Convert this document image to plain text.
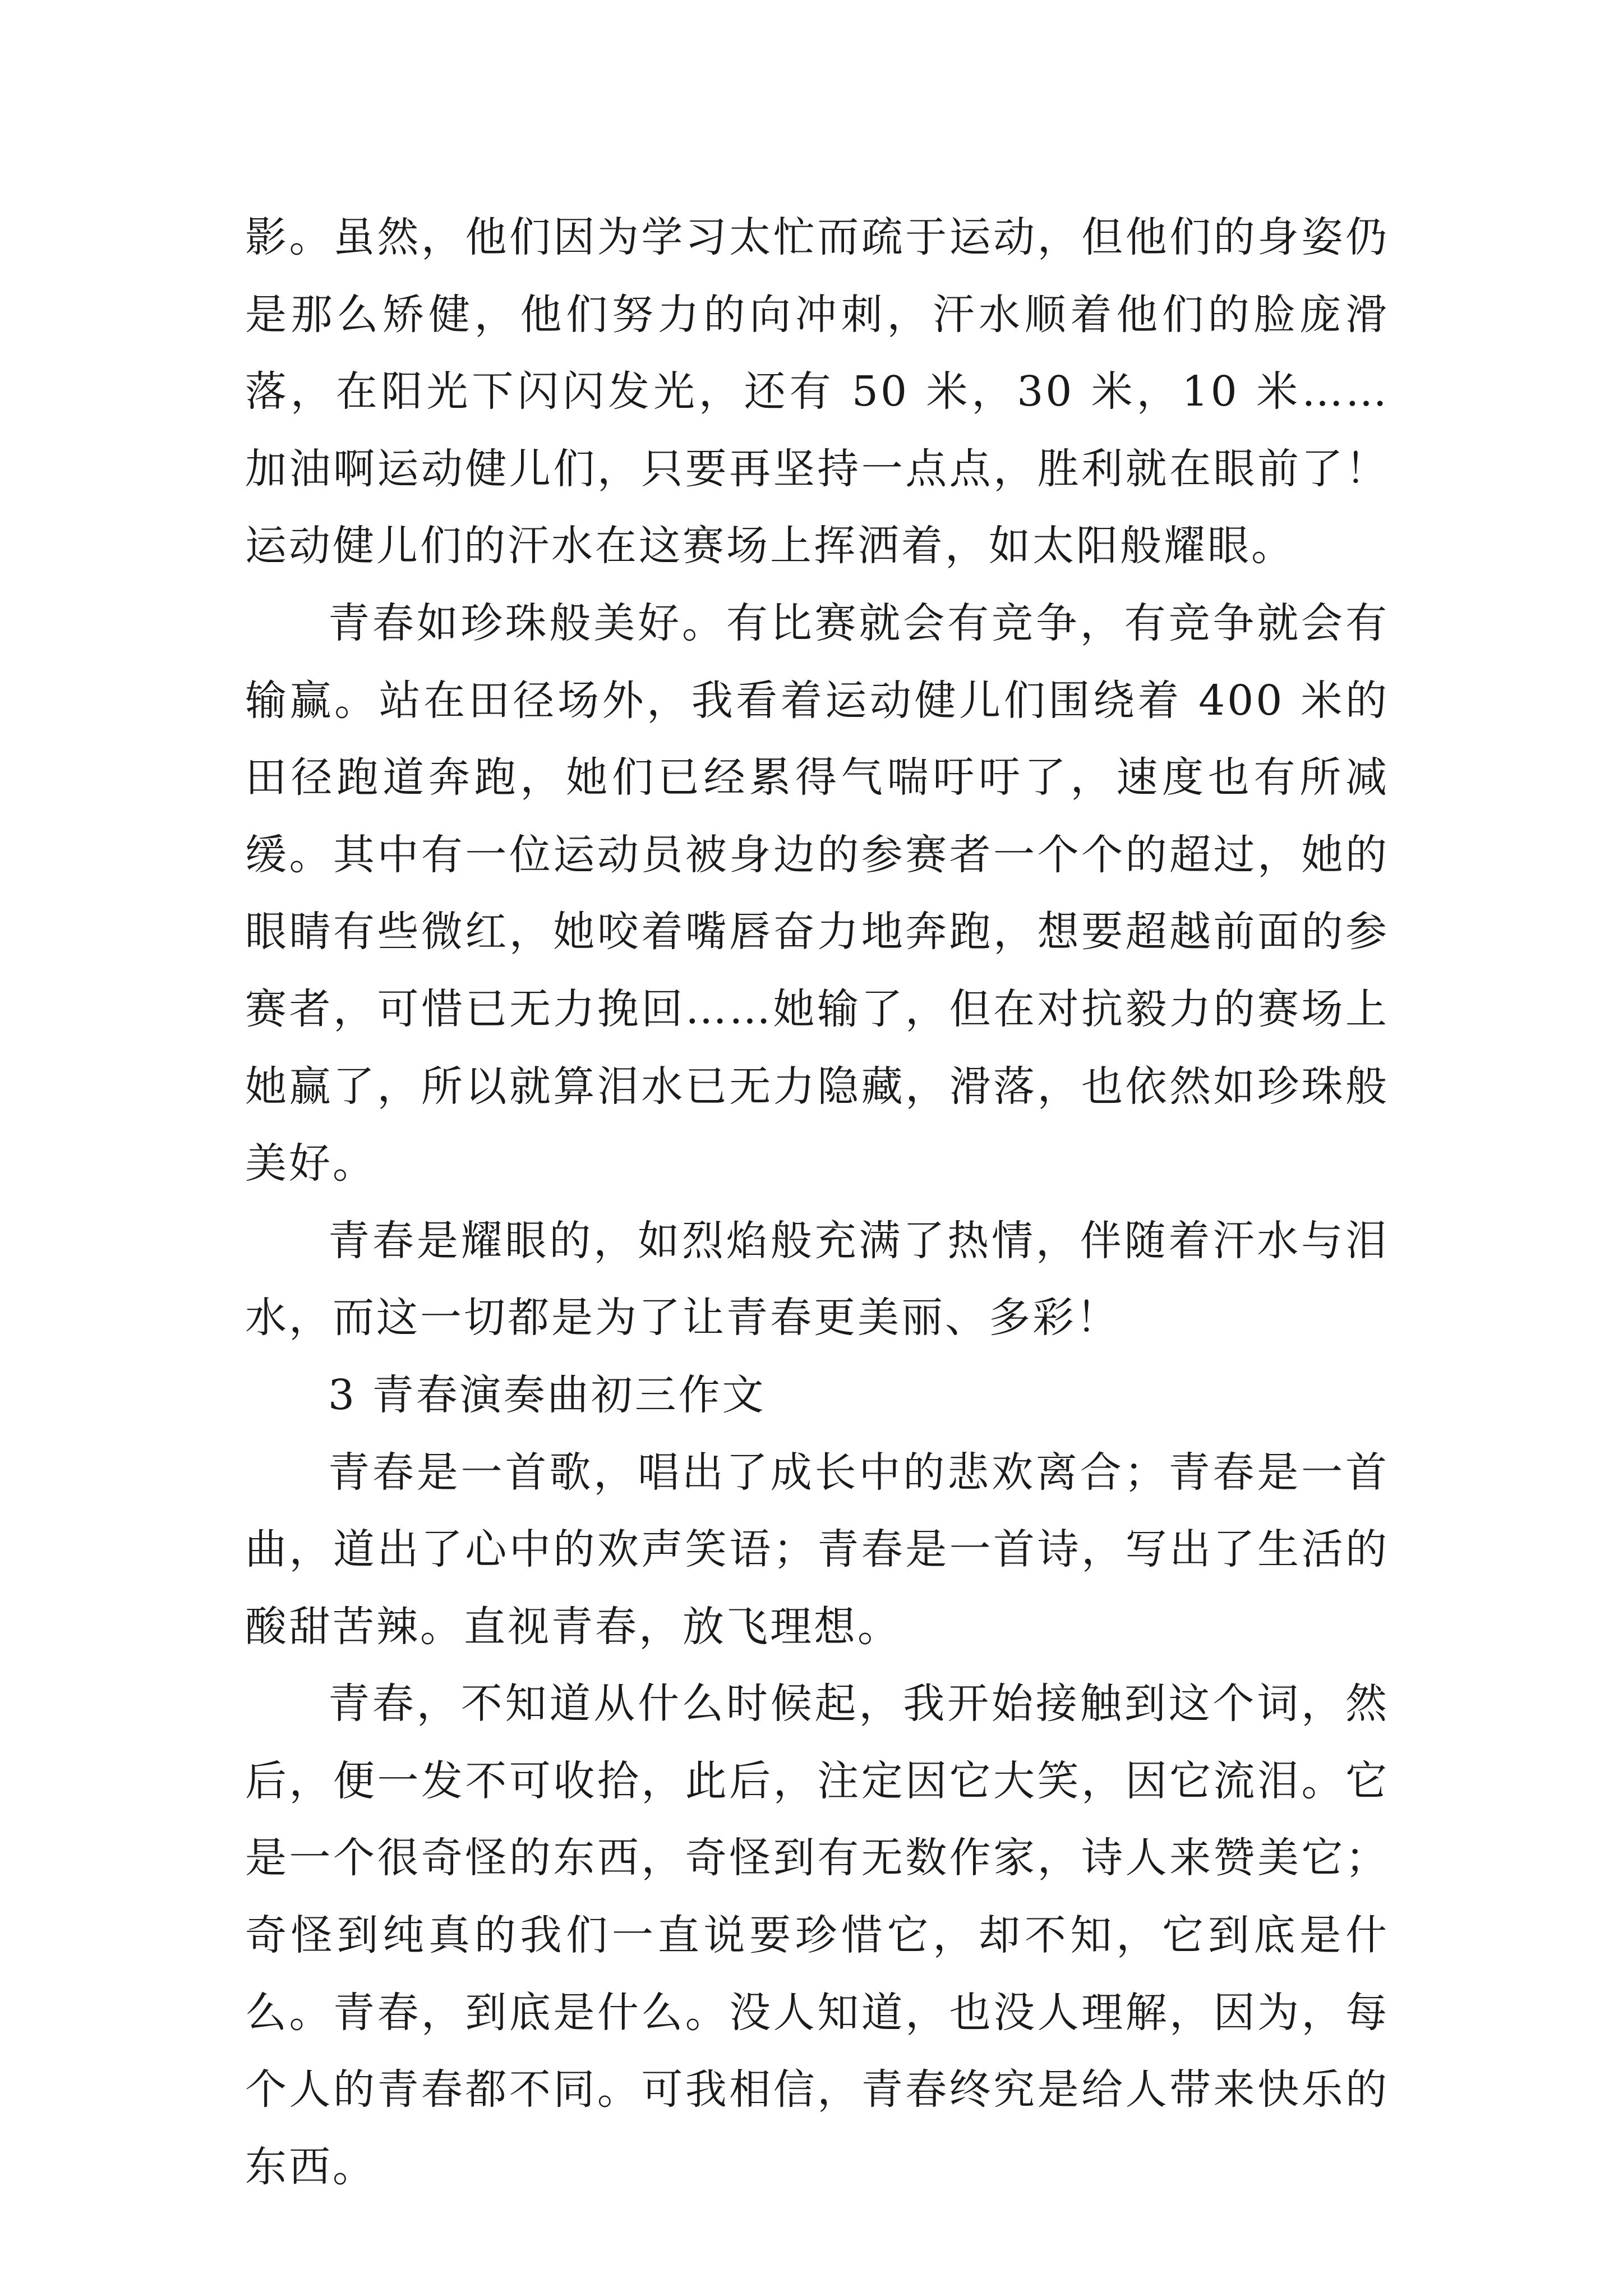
影。虽然，他们因为学习太忙而疏于运动，但他们的身姿仍是那么矫健，他们努力的向冲刺，汗水顺着他们的脸庞滑落，在阳光下闪闪发光，还有 50 米，30 米，10 米……加油啊运动健儿们，只要再坚持一点点，胜利就在眼前了！运动健儿们的汗水在这赛场上挥洒着，如太阳般耀眼。

青春如珍珠般美好。有比赛就会有竞争，有竞争就会有输赢。站在田径场外，我看着运动健儿们围绕着 400 米的田径跑道奔跑，她们已经累得气喘吁吁了，速度也有所减缓。其中有一位运动员被身边的参赛者一个个的超过，她的眼睛有些微红，她咬着嘴唇奋力地奔跑，想要超越前面的参赛者，可惜已无力挽回……她输了，但在对抗毅力的赛场上她赢了，所以就算泪水已无力隐藏，滑落，也依然如珍珠般美好。

青春是耀眼的，如烈焰般充满了热情，伴随着汗水与泪水，而这一切都是为了让青春更美丽、多彩！

3 青春演奏曲初三作文

青春是一首歌，唱出了成长中的悲欢离合；青春是一首曲，道出了心中的欢声笑语；青春是一首诗，写出了生活的酸甜苦辣。直视青春，放飞理想。

青春，不知道从什么时候起，我开始接触到这个词，然后，便一发不可收拾，此后，注定因它大笑，因它流泪。它是一个很奇怪的东西，奇怪到有无数作家，诗人来赞美它；奇怪到纯真的我们一直说要珍惜它，却不知，它到底是什么。青春，到底是什么。没人知道，也没人理解，因为，每个人的青春都不同。可我相信，青春终究是给人带来快乐的东西。
